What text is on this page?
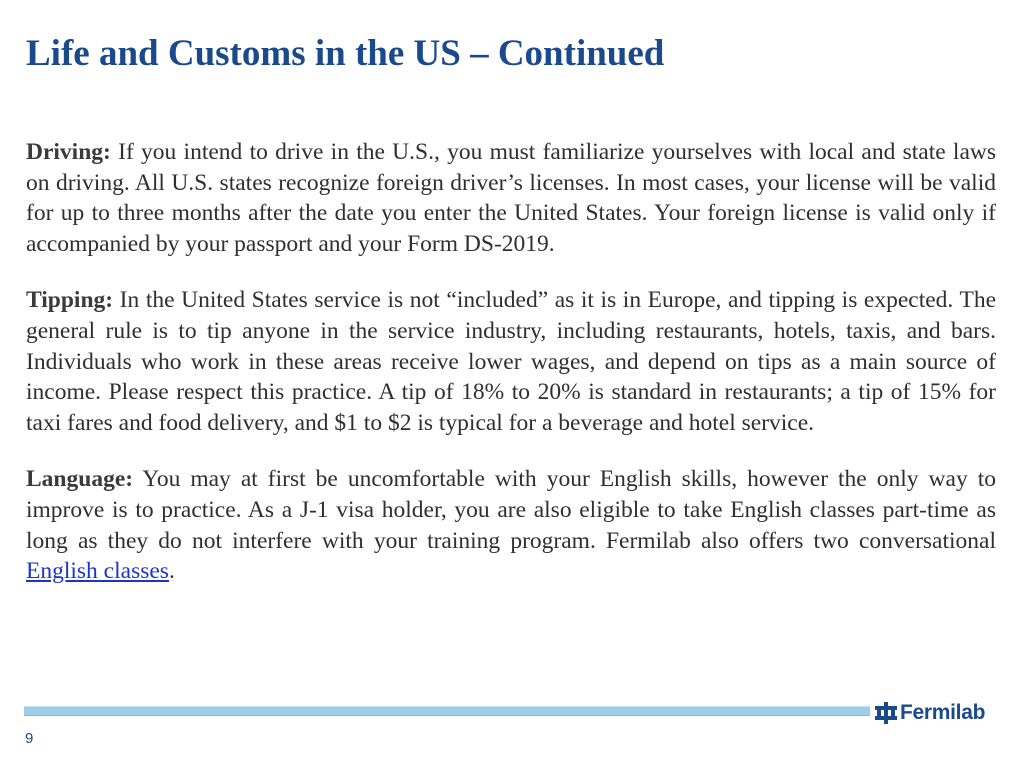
Life and Customs in the US – Continued

Driving: If you intend to drive in the U.S., you must familiarize yourselves with local and state laws on driving. All U.S. states recognize foreign driver’s licenses. In most cases, your license will be valid for up to three months after the date you enter the United States. Your foreign license is valid only if accompanied by your passport and your Form DS-2019.

Tipping: In the United States service is not “included” as it is in Europe, and tipping is expected. The general rule is to tip anyone in the service industry, including restaurants, hotels, taxis, and bars. Individuals who work in these areas receive lower wages, and depend on tips as a main source of income. Please respect this practice. A tip of 18% to 20% is standard in restaurants; a tip of 15% for taxi fares and food delivery, and $1 to $2 is typical for a beverage and hotel service.

Language: You may at first be uncomfortable with your English skills, however the only way to improve is to practice. As a J-1 visa holder, you are also eligible to take English classes part-time as long as they do not interfere with your training program. Fermilab also offers two conversational English classes.

Fermilab
9
